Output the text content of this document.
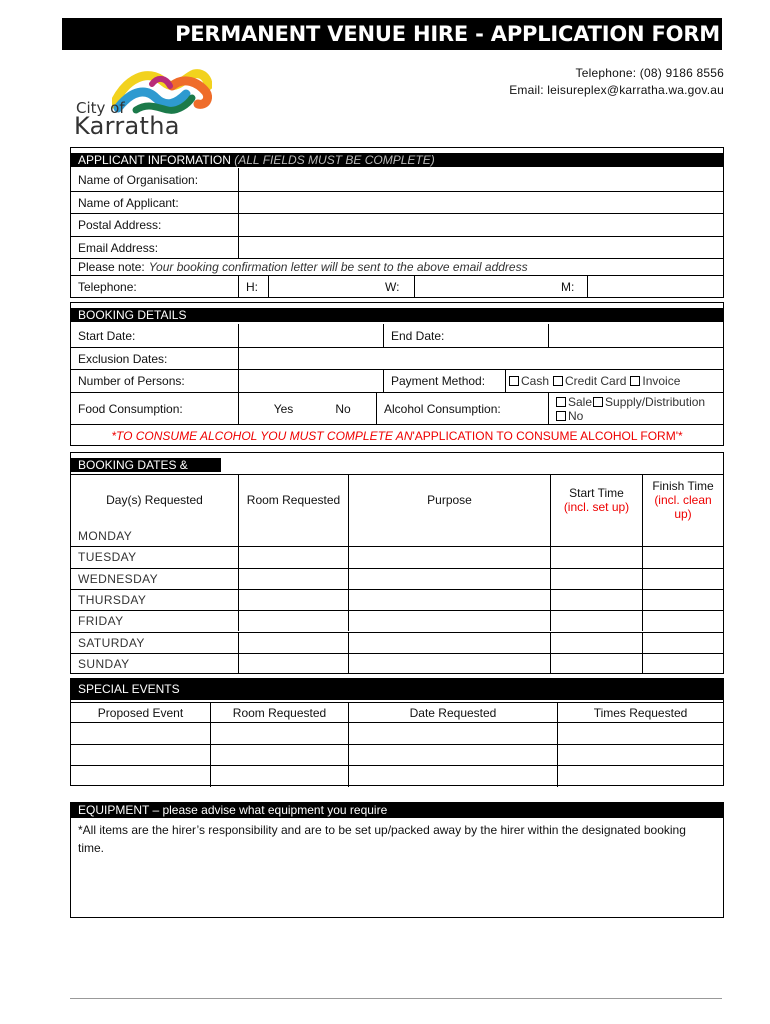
PERMANENT VENUE HIRE - APPLICATION FORM
Telephone: (08) 9186 8556
Email: leisureplex@karratha.wa.gov.au
City of
Karratha
APPLICANT INFORMATION (ALL FIELDS MUST BE COMPLETE)
Name of Organisation:
Name of Applicant:
Postal Address:
Email Address:
Please note: Your booking confirmation letter will be sent to the above email address
Telephone:	H:	W:	M:
BOOKING DETAILS
Start Date:	End Date:
Exclusion Dates:
Number of Persons:	Payment Method:	Cash Credit Card Invoice
Food Consumption:	Yes	No	Alcohol Consumption:	Sale Supply/Distribution
No
*TO CONSUME ALCOHOL YOU MUST COMPLETE AN 'APPLICATION TO CONSUME ALCOHOL FORM'*
BOOKING DATES & TIMES
Day(s) Requested	Room Requested	Purpose	Start Time
(incl. set up)
Finish Time
(incl. clean up)
MONDAY
TUESDAY
WEDNESDAY
THURSDAY
FRIDAY
SATURDAY
SUNDAY
SPECIAL EVENTS
Proposed Event	Room Requested	Date Requested	Times Requested
EQUIPMENT – please advise what equipment you require
*All items are the hirer’s responsibility and are to be set up/packed away by the hirer within the designated booking time.
